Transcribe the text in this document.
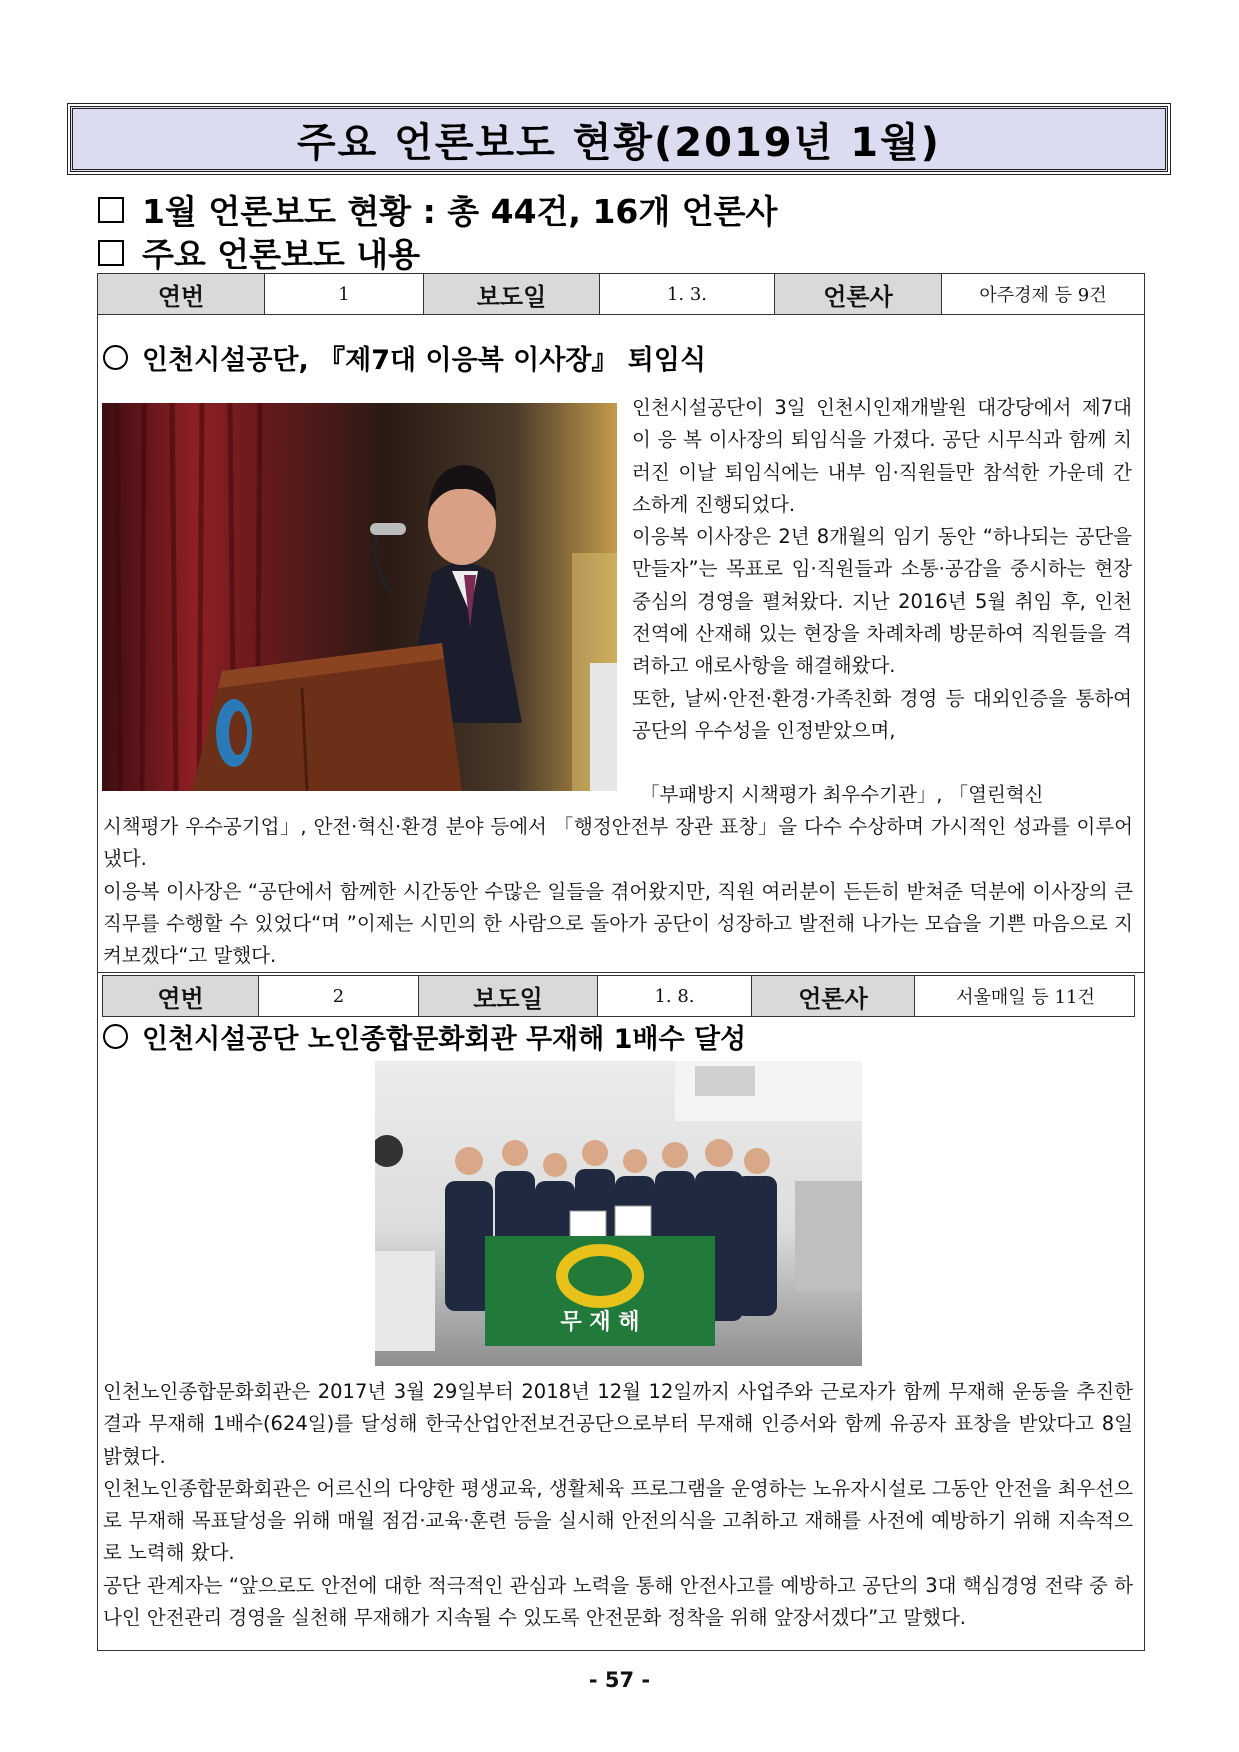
주요 언론보도 현황(2019년 1월)
1월 언론보도 현황 : 총 44건, 16개 언론사
주요 언론보도 내용
연번	1	보도일	1. 3.	언론사	아주경제 등 9건
인천시설공단, 『제7대 이응복 이사장』 퇴임식

인천시설공단이 3일 인천시인재개발원 대강당에서 제7대 이 응 복 이사장의 퇴임식을 가졌다. 공단 시무식과 함께 치러진 이날 퇴임식에는 내부 임·직원들만 참석한 가운데 간소하게 진행되었다.

이응복 이사장은 2년 8개월의 임기 동안 “하나되는 공단을 만들자”는 목표로 임·직원들과 소통·공감을 중시하는 현장 중심의 경영을 펼쳐왔다. 지난 2016년 5월 취임 후, 인천 전역에 산재해 있는 현장을 차례차례 방문하여 직원들을 격려하고 애로사항을 해결해왔다.

또한, 날씨·안전·환경·가족친화 경영 등 대외인증을 통하여 공단의 우수성을 인정받았으며,

「부패방지 시책평가 최우수기관」, 「열린혁신

시책평가 우수공기업」, 안전·혁신·환경 분야 등에서 「행정안전부 장관 표창」을 다수 수상하며 가시적인 성과를 이루어 냈다.

이응복 이사장은 “공단에서 함께한 시간동안 수많은 일들을 겪어왔지만, 직원 여러분이 든든히 받쳐준 덕분에 이사장의 큰 직무를 수행할 수 있었다“며 ”이제는 시민의 한 사람으로 돌아가 공단이 성장하고 발전해 나가는 모습을 기쁜 마음으로 지켜보겠다“고 말했다.

연번	2	보도일	1. 8.	언론사	서울매일 등 11건
인천시설공단 노인종합문화회관 무재해 1배수 달성
무 재 해

인천노인종합문화회관은 2017년 3월 29일부터 2018년 12월 12일까지 사업주와 근로자가 함께 무재해 운동을 추진한 결과 무재해 1배수(624일)를 달성해 한국산업안전보건공단으로부터 무재해 인증서와 함께 유공자 표창을 받았다고 8일 밝혔다.

인천노인종합문화회관은 어르신의 다양한 평생교육, 생활체육 프로그램을 운영하는 노유자시설로 그동안 안전을 최우선으로 무재해 목표달성을 위해 매월 점검·교육·훈련 등을 실시해 안전의식을 고취하고 재해를 사전에 예방하기 위해 지속적으로 노력해 왔다.

공단 관계자는 “앞으로도 안전에 대한 적극적인 관심과 노력을 통해 안전사고를 예방하고 공단의 3대 핵심경영 전략 중 하나인 안전관리 경영을 실천해 무재해가 지속될 수 있도록 안전문화 정착을 위해 앞장서겠다”고 말했다.

- 57 -
